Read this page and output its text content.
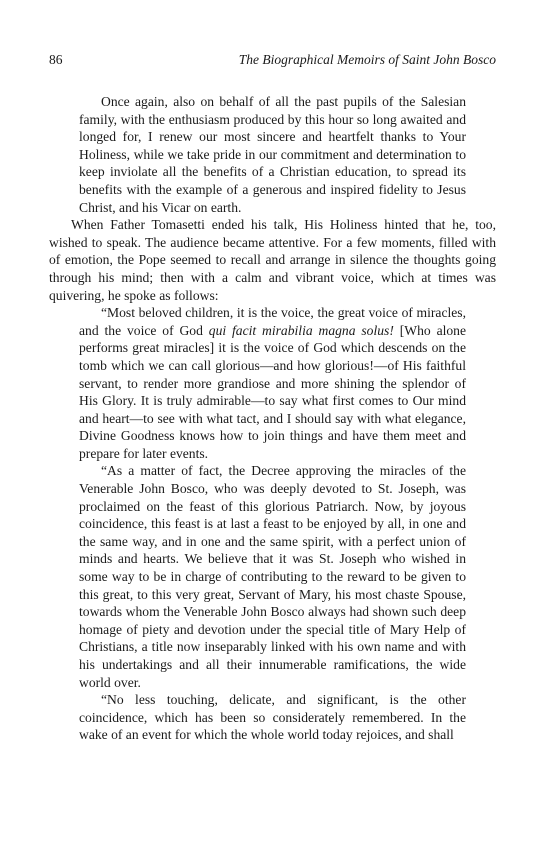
86	The Biographical Memoirs of Saint John Bosco

Once again, also on behalf of all the past pupils of the Salesian family, with the enthusiasm produced by this hour so long awaited and longed for, I renew our most sincere and heartfelt thanks to Your Holiness, while we take pride in our commitment and determination to keep inviolate all the benefits of a Christian education, to spread its benefits with the example of a generous and inspired fidelity to Jesus Christ, and his Vicar on earth.

When Father Tomasetti ended his talk, His Holiness hinted that he, too, wished to speak. The audience became attentive. For a few moments, filled with of emotion, the Pope seemed to recall and arrange in silence the thoughts going through his mind; then with a calm and vibrant voice, which at times was quivering, he spoke as follows:

“Most beloved children, it is the voice, the great voice of miracles, and the voice of God qui facit mirabilia magna solus! [Who alone performs great miracles] it is the voice of God which descends on the tomb which we can call glorious—and how glorious!—of His faithful servant, to render more grandiose and more shining the splendor of His Glory. It is truly admirable—to say what first comes to Our mind and heart—to see with what tact, and I should say with what elegance, Divine Goodness knows how to join things and have them meet and prepare for later events.

“As a matter of fact, the Decree approving the miracles of the Venerable John Bosco, who was deeply devoted to St. Joseph, was proclaimed on the feast of this glorious Patriarch. Now, by joyous coincidence, this feast is at last a feast to be enjoyed by all, in one and the same way, and in one and the same spirit, with a perfect union of minds and hearts. We believe that it was St. Joseph who wished in some way to be in charge of contributing to the reward to be given to this great, to this very great, Servant of Mary, his most chaste Spouse, towards whom the Venerable John Bosco always had shown such deep homage of piety and devotion under the special title of Mary Help of Christians, a title now inseparably linked with his own name and with his undertakings and all their innumerable ramifications, the wide world over.

“No less touching, delicate, and significant, is the other coincidence, which has been so considerately remembered. In the wake of an event for which the whole world today rejoices, and shall
